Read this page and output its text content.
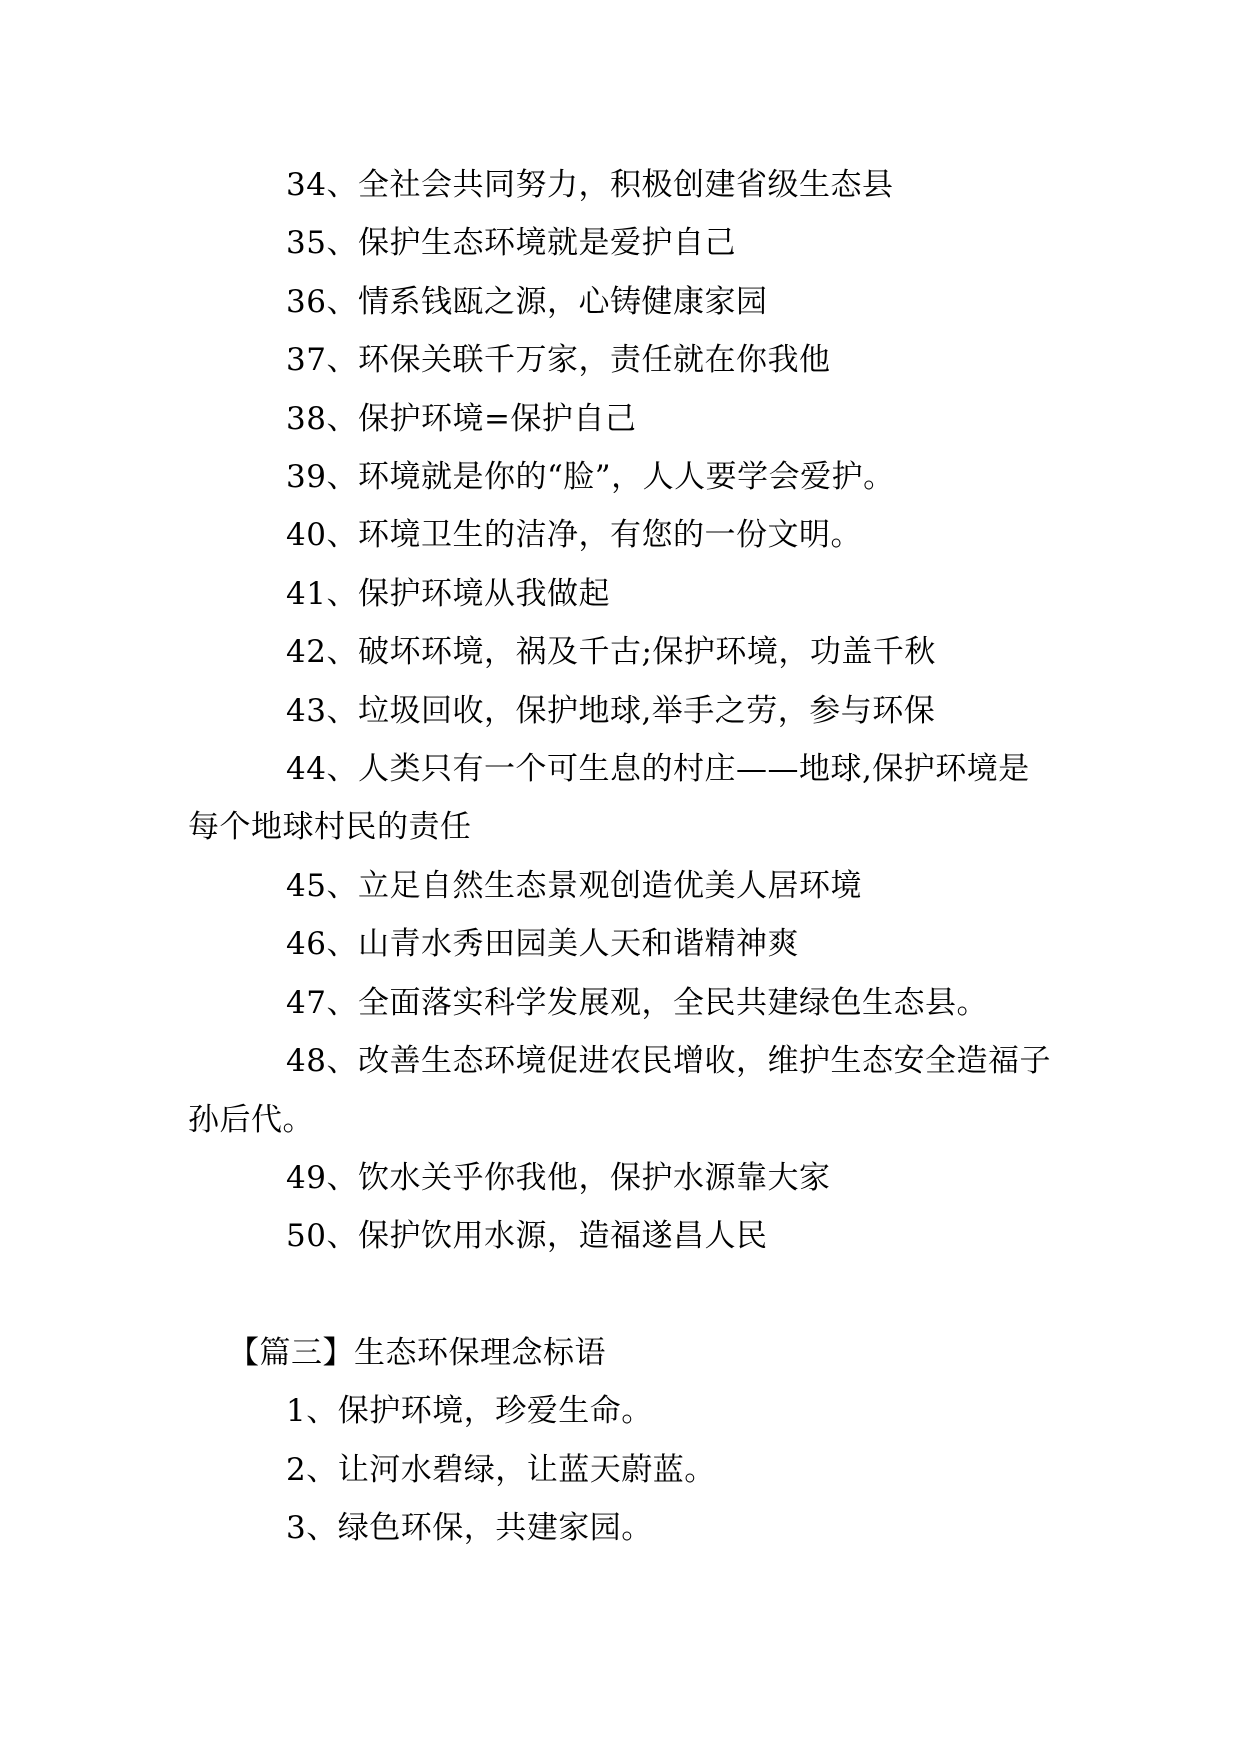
34、全社会共同努力，积极创建省级生态县
35、保护生态环境就是爱护自己
36、情系钱瓯之源，心铸健康家园
37、环保关联千万家，责任就在你我他
38、保护环境=保护自己
39、环境就是你的“脸”，人人要学会爱护。
40、环境卫生的洁净，有您的一份文明。
41、保护环境从我做起
42、破坏环境，祸及千古;保护环境，功盖千秋
43、垃圾回收，保护地球,举手之劳，参与环保
44、人类只有一个可生息的村庄——地球,保护环境是每个地球村民的责任
45、立足自然生态景观创造优美人居环境
46、山青水秀田园美人天和谐精神爽
47、全面落实科学发展观，全民共建绿色生态县。
48、改善生态环境促进农民增收，维护生态安全造福子孙后代。
49、饮水关乎你我他，保护水源靠大家
50、保护饮用水源，造福遂昌人民
【篇三】生态环保理念标语
1、保护环境，珍爱生命。
2、让河水碧绿，让蓝天蔚蓝。
3、绿色环保，共建家园。
